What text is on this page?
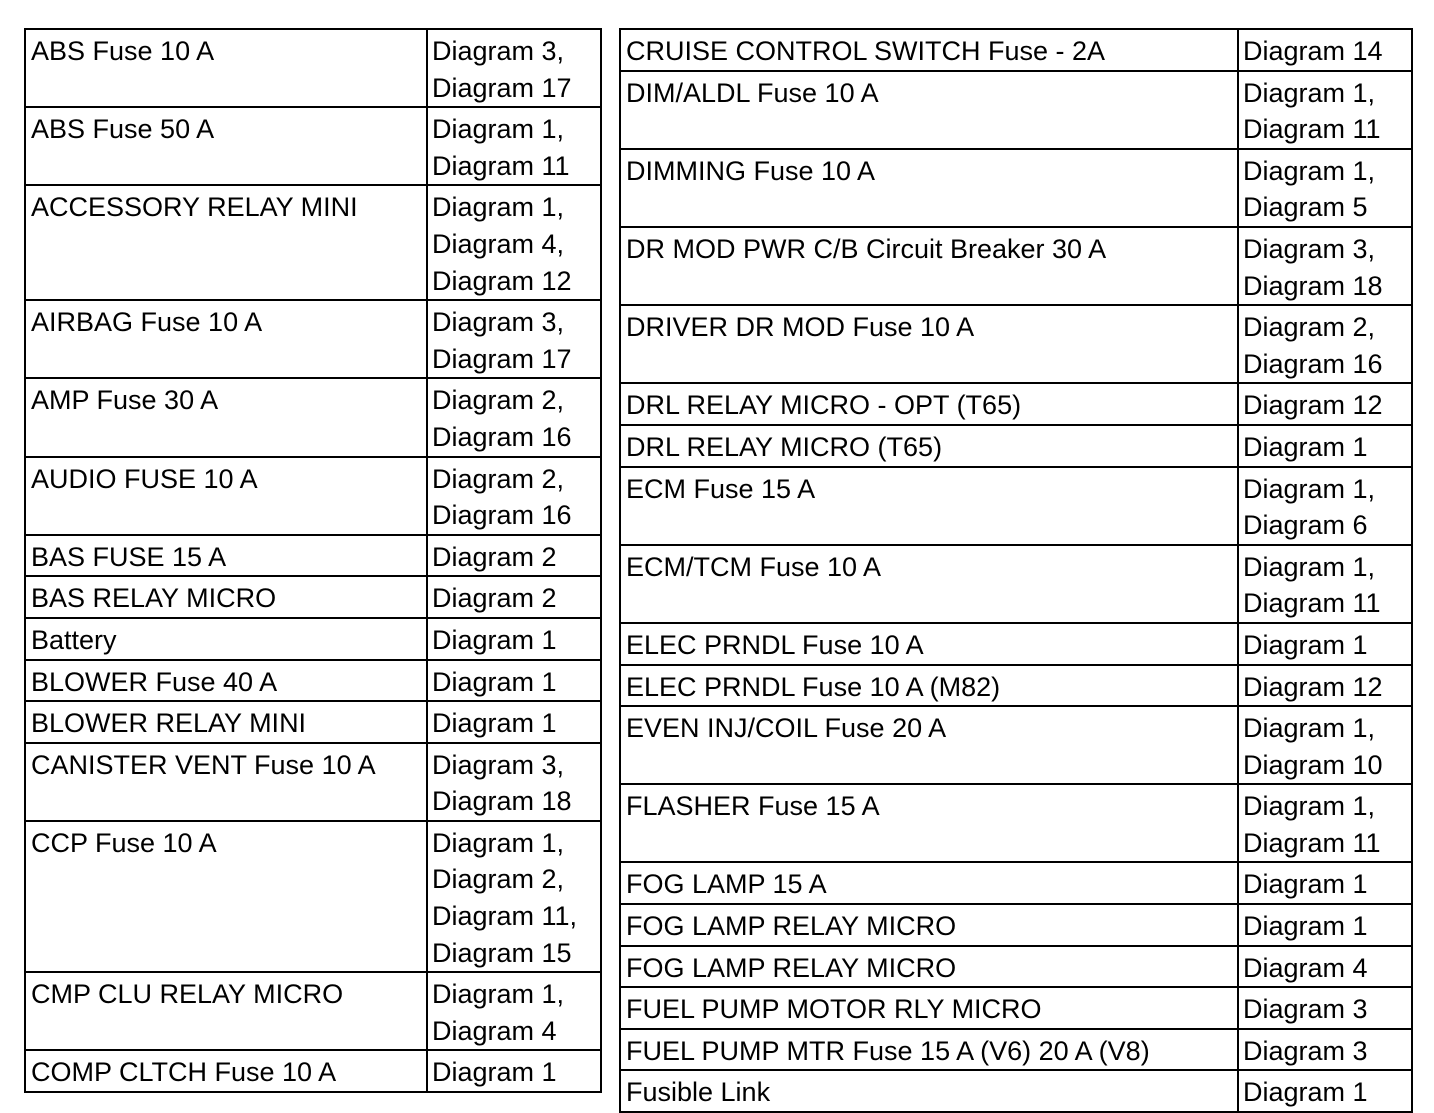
ABS Fuse 10 A	Diagram 3,
Diagram 17
ABS Fuse 50 A	Diagram 1,
Diagram 11
ACCESSORY RELAY MINI	Diagram 1,
Diagram 4,
Diagram 12
AIRBAG Fuse 10 A	Diagram 3,
Diagram 17
AMP Fuse 30 A	Diagram 2,
Diagram 16
AUDIO FUSE 10 A	Diagram 2,
Diagram 16
BAS FUSE 15 A	Diagram 2
BAS RELAY MICRO	Diagram 2
Battery	Diagram 1
BLOWER Fuse 40 A	Diagram 1
BLOWER RELAY MINI	Diagram 1
CANISTER VENT Fuse 10 A	Diagram 3,
Diagram 18
CCP Fuse 10 A	Diagram 1,
Diagram 2,
Diagram 11,
Diagram 15
CMP CLU RELAY MICRO	Diagram 1,
Diagram 4
COMP CLTCH Fuse 10 A	Diagram 1
CRUISE CONTROL SWITCH Fuse - 2A	Diagram 14
DIM/ALDL Fuse 10 A	Diagram 1,
Diagram 11
DIMMING Fuse 10 A	Diagram 1,
Diagram 5
DR MOD PWR C/B Circuit Breaker 30 A	Diagram 3,
Diagram 18
DRIVER DR MOD Fuse 10 A	Diagram 2,
Diagram 16
DRL RELAY MICRO - OPT (T65)	Diagram 12
DRL RELAY MICRO (T65)	Diagram 1
ECM Fuse 15 A	Diagram 1,
Diagram 6
ECM/TCM Fuse 10 A	Diagram 1,
Diagram 11
ELEC PRNDL Fuse 10 A	Diagram 1
ELEC PRNDL Fuse 10 A (M82)	Diagram 12
EVEN INJ/COIL Fuse 20 A	Diagram 1,
Diagram 10
FLASHER Fuse 15 A	Diagram 1,
Diagram 11
FOG LAMP 15 A	Diagram 1
FOG LAMP RELAY MICRO	Diagram 1
FOG LAMP RELAY MICRO	Diagram 4
FUEL PUMP MOTOR RLY MICRO	Diagram 3
FUEL PUMP MTR Fuse 15 A (V6) 20 A (V8)	Diagram 3
Fusible Link	Diagram 1
